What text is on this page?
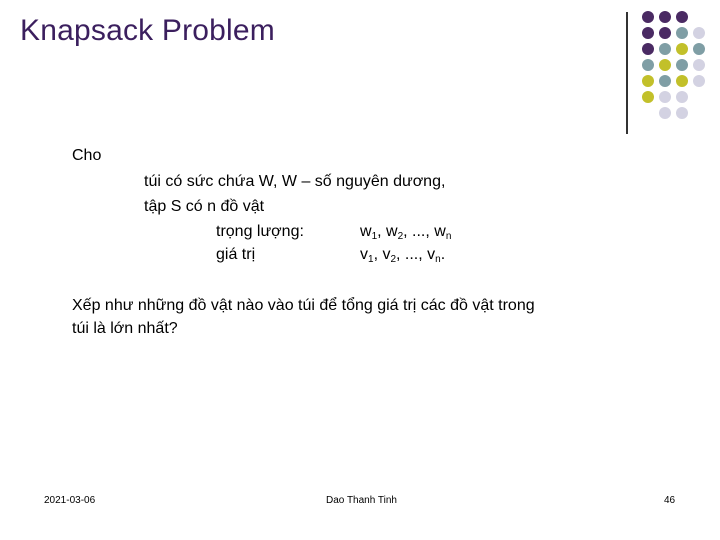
Knapsack Problem
Cho
túi có sức chứa W, W – số nguyên dương,
tập S có n đồ vật
trọng lượng:	$w_1$, $w_2$, ..., $w_n$
giá trị	$v_1$, $v_2$, ..., $v_n$.
Xếp như những đồ vật nào vào túi để tổng giá trị các đồ vật trong
túi là lớn nhất?
2021-03-06	Dao Thanh Tinh	46
